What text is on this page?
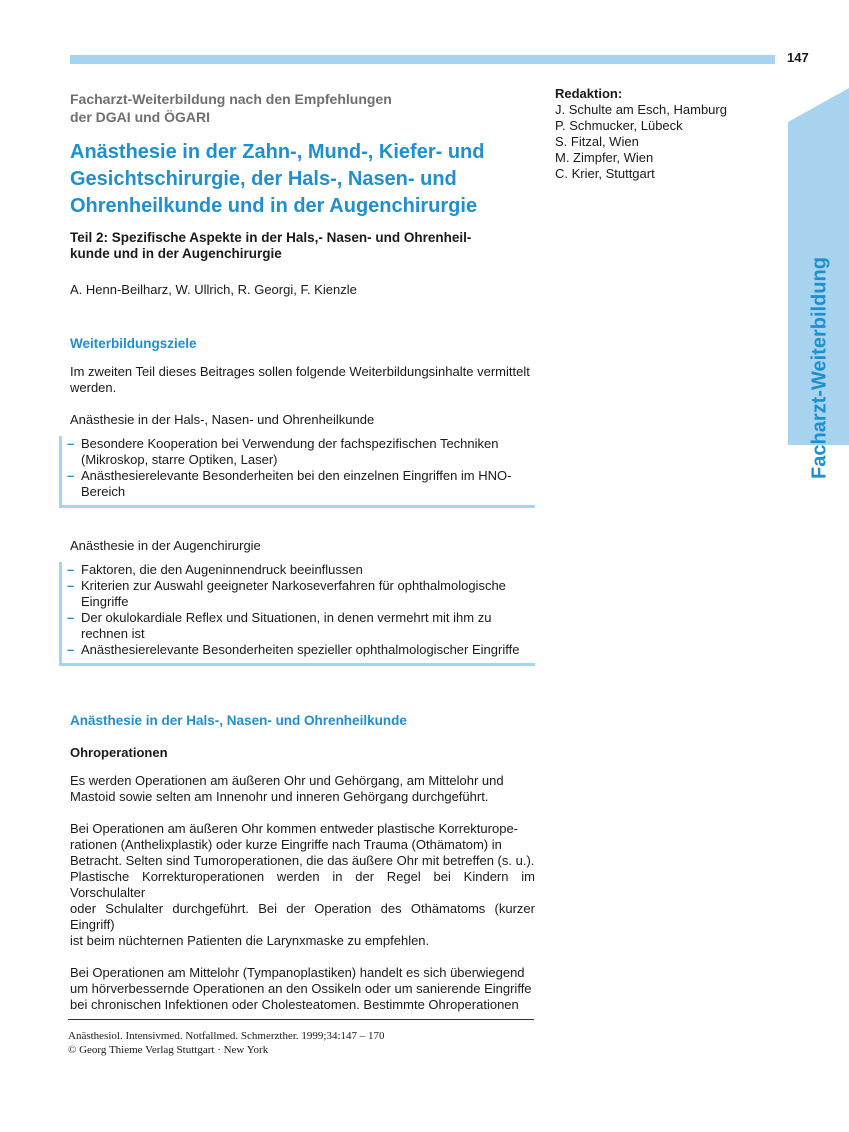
147
Facharzt-Weiterbildung
Redaktion:
J. Schulte am Esch, Hamburg
P. Schmucker, Lübeck
S. Fitzal, Wien
M. Zimpfer, Wien
C. Krier, Stuttgart
Facharzt-Weiterbildung nach den Empfehlungen
der DGAI und ÖGARI
Anästhesie in der Zahn-, Mund-, Kiefer- und
Gesichtschirurgie, der Hals-, Nasen- und
Ohrenheilkunde und in der Augenchirurgie
Teil 2: Spezifische Aspekte in der Hals,- Nasen- und Ohrenheil-
kunde und in der Augenchirurgie
A. Henn-Beilharz, W. Ullrich, R. Georgi, F. Kienzle
Weiterbildungsziele

Im zweiten Teil dieses Beitrages sollen folgende Weiterbildungsinhalte vermittelt

werden.

Anästhesie in der Hals-, Nasen- und Ohrenheilkunde

– Besondere Kooperation bei Verwendung der fachspezifischen Techniken
(Mikroskop, starre Optiken, Laser)
– Anästhesierelevante Besonderheiten bei den einzelnen Eingriffen im HNO-
Bereich

Anästhesie in der Augenchirurgie

– Faktoren, die den Augeninnendruck beeinflussen
– Kriterien zur Auswahl geeigneter Narkoseverfahren für ophthalmologische
Eingriffe
– Der okulokardiale Reflex und Situationen, in denen vermehrt mit ihm zu
rechnen ist
– Anästhesierelevante Besonderheiten spezieller ophthalmologischer Eingriffe
Anästhesie in der Hals-, Nasen- und Ohrenheilkunde
Ohroperationen

Es werden Operationen am äußeren Ohr und Gehörgang, am Mittelohr und

Mastoid sowie selten am Innenohr und inneren Gehörgang durchgeführt.

Bei Operationen am äußeren Ohr kommen entweder plastische Korrekturope-

rationen (Anthelixplastik) oder kurze Eingriffe nach Trauma (Othämatom) in

Betracht. Selten sind Tumoroperationen, die das äußere Ohr mit betreffen (s. u.).

Plastische Korrekturoperationen werden in der Regel bei Kindern im Vorschulalter

oder Schulalter durchgeführt. Bei der Operation des Othämatoms (kurzer Eingriff)

ist beim nüchternen Patienten die Larynxmaske zu empfehlen.

Bei Operationen am Mittelohr (Tympanoplastiken) handelt es sich überwiegend

um hörverbessernde Operationen an den Ossikeln oder um sanierende Eingriffe

bei chronischen Infektionen oder Cholesteatomen. Bestimmte Ohroperationen

Anästhesiol. Intensivmed. Notfallmed. Schmerzther. 1999;34:147 – 170
© Georg Thieme Verlag Stuttgart · New York
